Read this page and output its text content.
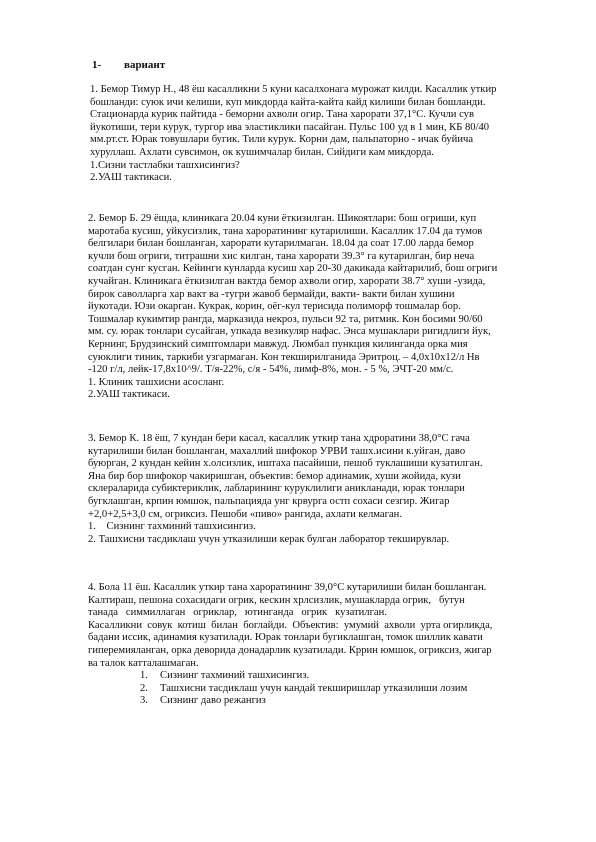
1- вариант
1. Бемор Тимур Н., 48 ёш касалликни 5 куни касалхонага мурожат килди. Касаллик уткир
бошланди: суюк ичи келиши, куп микдорда кайта-кайта кайд килиши билан бошланди.
Стационарда курик пайтида - беморни ахволи огир. Тана харорати 37,1°С. Кучли сув
йукотиши, тери курук, тургор ива эластиклики пасайган. Пульс 100 уд в 1 мин, КБ 80/40
мм.рт.ст. Юрак товушлари бугик. Тили курук. Корни дам, пальпаторно - ичак буйича
хуруллаш. Ахлати сувсимон, ок кушимчалар билан. Сийдиги кам микдорда.
1.Сизни тастлабки ташхисингиз?
2.УАШ тактикаси.
2. Бемор Б. 29 ёшда, клиникага 20.04 куни ёткизилган. Шикоятлари: бош огриши, куп
маротаба кусиш, уйкусизлик, тана хароратининг кутарилиши. Касаллик 17.04 да тумов
белгилари билан бошланган, харорати кутарилмаган. 18.04 да соат 17.00 ларда бемор
кучли бош огриги, титрашни хис килган, тана харорати 39.3° га кутарилган, бир неча
соатдан сунг кусган. Кейинги кунларда кусиш хар 20-30 дакикада кайтарилиб, бош огриги
кучайган. Клиникага ёткизилган вактда бемор ахволи огир, харорати 38.7° хуши -узида,
бирок саволларга хар вакт ва -тугри жавоб бермайди, вакти- вакти билан хушини
йукотади. Юзи окарган. Кукрак, корин, оёг-кул терисида полиморф тошмалар бор.
Тошмалар кукимтир рангда, марказида некроз, пульси 92 та, ритмик. Кон босими 90/60
мм. су. юрак тонлари сусайган, упкада везикуляр нафас. Энса мушаклари ригидлиги йук,
Кернинг, Брудзинский симптомлари мавжуд. Люмбал пункция килинганда орка мия
суюклиги тиник, таркиби узгармаган. Кон текширилганида Эритроц. – 4,0х10х12/л Нв
-120 г/л, лейк-17,8х10^9/. Т/я-22%, с/я - 54%, лимф-8%, мон. - 5 %, ЭЧТ-20 мм/с.
1. Клиник ташхисни асосланг.
2.УАШ тактикаси.
3. Бемор К. 18 ёш, 7 кундан бери касал, касаллик уткир тана хдроратини 38,0°С гача
кутарилиши билан бошланган, махаллий шифокор УРВИ ташх.исини к.уйган, даво
буюрган, 2 кундан кейин х.олсизлик, иштаха пасайиши, пешоб туклашиши кузатилган.
Яна бир бор шифокор чакиришган, объектив: бемор адинамик, хуши жойида, кузи
склераларида субиктериклик, лабларининг куруклилиги аникланади, юрак тонлари
бугклашган, крпин юмшок, пальпацияда унг крвурга остп сохаси сезгир. Жигар
+2,0+2,5+3,0 см, огриксиз. Пешоби «пиво» рангида, ахлати келмаган.
1.    Сизнинг тахминий ташхисингиз.
2. Ташхисни тасдиклаш учун утказилиши керак булган лаборатор текширувлар.
4. Бола 11 ёш. Касаллик уткир тана хароратининг 39,0°С кутарилиши билан бошланган.
Калтираш, пешона сохасидаги огрик, кескин хрлсизлик, мушакларда огрик,   бутун
танада   симмиллаган   огриклар,   ютинганда   огрик   кузатилган.
Касалликни  совук  котиш  билан  боглайди.  Объектив:  умумий  ахволи  урта огирликда,
бадани иссик, адинамия кузатилади. Юрак тонлари бугиклашган, томок шиллик кавати
гиперемияланган, орка деворида донадарлик кузатилади. Кррин юмшок, огриксиз, жигар
ва талок катталашмаган.
1. Сизнинг тахминий ташхисингиз.
2. Ташхисни тасдиклаш учун кандай текширишлар утказилиши лозим
3. Сизнинг даво режангиз
